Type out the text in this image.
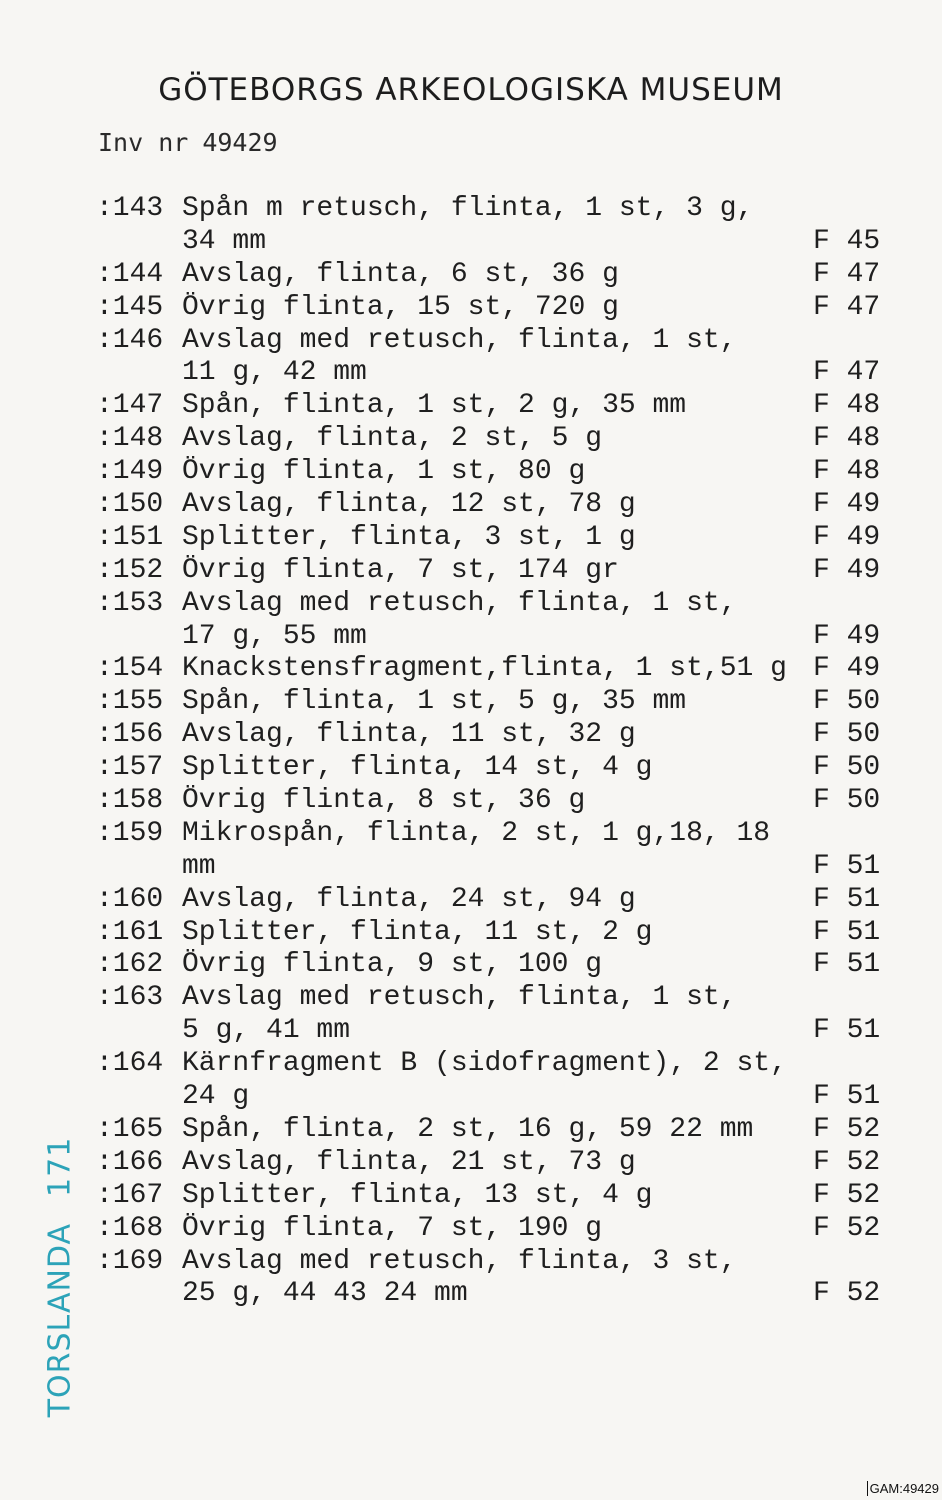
GÖTEBORGS ARKEOLOGISKA MUSEUM
Inv nr 49429
:143 Spån m retusch, flinta, 1 st, 3 g,
34 mm	F 45
:144 Avslag, flinta, 6 st, 36 g	F 47
:145 Övrig flinta, 15 st, 720 g	F 47
:146 Avslag med retusch, flinta, 1 st,
11 g, 42 mm	F 47
:147 Spån, flinta, 1 st, 2 g, 35 mm	F 48
:148 Avslag, flinta, 2 st, 5 g	F 48
:149 Övrig flinta, 1 st, 80 g	F 48
:150 Avslag, flinta, 12 st, 78 g	F 49
:151 Splitter, flinta, 3 st, 1 g	F 49
:152 Övrig flinta, 7 st, 174 gr	F 49
:153 Avslag med retusch, flinta, 1 st,
17 g, 55 mm	F 49
:154 Knackstensfragment,flinta, 1 st,51 g F 49
:155 Spån, flinta, 1 st, 5 g, 35 mm	F 50
:156 Avslag, flinta, 11 st, 32 g	F 50
:157 Splitter, flinta, 14 st, 4 g	F 50
:158 Övrig flinta, 8 st, 36 g	F 50
:159 Mikrospån, flinta, 2 st, 1 g,18, 18
mm	F 51
:160 Avslag, flinta, 24 st, 94 g	F 51
:161 Splitter, flinta, 11 st, 2 g	F 51
:162 Övrig flinta, 9 st, 100 g	F 51
:163 Avslag med retusch, flinta, 1 st,
5 g, 41 mm	F 51
:164 Kärnfragment B (sidofragment), 2 st,
24 g	F 51
:165 Spån, flinta, 2 st, 16 g, 59 22 mm F 52
:166 Avslag, flinta, 21 st, 73 g	F 52
:167 Splitter, flinta, 13 st, 4 g	F 52
:168 Övrig flinta, 7 st, 190 g	F 52
:169 Avslag med retusch, flinta, 3 st,
25 g, 44 43 24 mm	F 52
TORSLANDA171
GAM:49429
